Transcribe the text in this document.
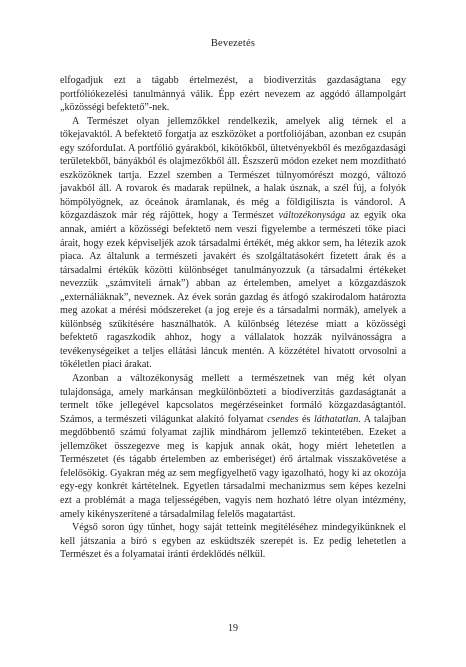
Bevezetés

elfogadjuk ezt a tágabb értelmezést, a biodiverzitás gazdaságtana egy portfóliókezelési tanulmánnyá válik. Épp ezért nevezem az aggódó állampolgárt „közösségi befektető”-nek.

A Természet olyan jellemzőkkel rendelkezik, amelyek alig térnek el a tőkejavaktól. A befektető forgatja az eszközöket a portfoliójában, azonban ez csupán egy szóforduIat. A portfólió gyárakból, kikötőkből, ültetvényekből és mezőgazdasági területekből, bányákból és olajmezőkből áll. Észszerű módon ezeket nem mozdítható eszközöknek tartja. Ezzel szemben a Természet túlnyomórészt mozgó, változó javakból áll. A rovarok és madarak repülnek, a halak úsznak, a szél fúj, a folyók hömpölyögnek, az óceánok áramlanak, és még a földigiliszta is vándorol. A közgazdászok már rég rájöttek, hogy a Természet változékonysága az egyik oka annak, amiért a közösségi befektető nem veszi figyelembe a természeti tőke piaci árait, hogy ezek képviseljék azok társadalmi értékét, még akkor sem, ha létezik azok piaca. Az általunk a természeti javakért és szolgáltatásokért fizetett árak és a társadalmi értékük közötti különbséget tanulmányozzuk (a társadalmi értékeket nevezzük „számviteli árnak”) abban az értelemben, amelyet a közgazdászok „externáliáknak”, neveznek. Az évek során gazdag és átfogó szakirodalom határozta meg azokat a mérési módszereket (a jog ereje és a társadalmi normák), amelyek a különbség szűkítésére használhatók. A különbség létezése miatt a közösségi befektető ragaszkodik ahhoz, hogy a vállalatok hozzák nyilvánosságra a tevékenységeiket a teljes ellátási láncuk mentén. A közzététel hivatott orvosolni a tökéletlen piaci árakat.

Azonban a változékonyság mellett a természetnek van még két olyan tulajdonsága, amely markánsan megkülönbözteti a biodiverzitás gazdaságtanát a termelt tőke jellegével kapcsolatos megérzéseinket formáló közgazdaságtantól. Számos, a természeti világunkat alakító folyamat csendes és láthatatlan. A talajban megdöbbentő számú folyamat zajlik mindhárom jellemző tekintetében. Ezeket a jellemzőket összegezve meg is kapjuk annak okát, hogy miért lehetetlen a Természetet (és tágabb értelemben az emberiséget) érő ártalmak visszakövetése a felelősökig. Gyakran még az sem megfigyelhető vagy igazolható, hogy ki az okozója egy-egy konkrét kártételnek. Egyetlen társadalmi mechanizmus sem képes kezelni ezt a problémát a maga teljességében, vagyis nem hozható létre olyan intézmény, amely kikényszerítené a társadalmilag felelős magatartást.

Végső soron úgy tűnhet, hogy saját tetteink megítéléséhez mindegyikünknek el kell játszania a bíró s egyben az esküdtszék szerepét is. Ez pedig lehetetlen a Természet és a folyamatai iránti érdeklődés nélkül.

19
